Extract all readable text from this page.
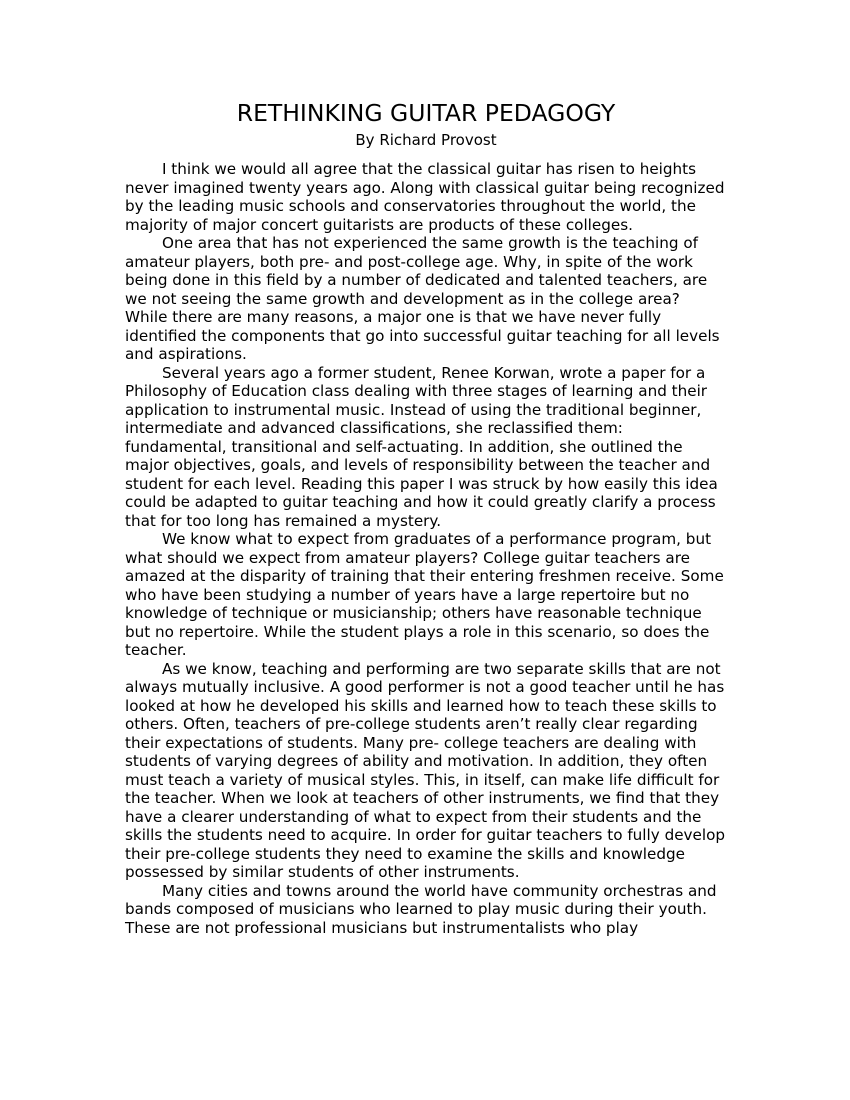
RETHINKING GUITAR PEDAGOGY
By Richard Provost

I think we would all agree that the classical guitar has risen to heights never imagined twenty years ago. Along with classical guitar being recognized by the leading music schools and conservatories throughout the world, the majority of major concert guitarists are products of these colleges.

One area that has not experienced the same growth is the teaching of amateur players, both pre- and post-college age. Why, in spite of the work being done in this field by a number of dedicated and talented teachers, are we not seeing the same growth and development as in the college area? While there are many reasons, a major one is that we have never fully identified the components that go into successful guitar teaching for all levels and aspirations.

Several years ago a former student, Renee Korwan, wrote a paper for a Philosophy of Education class dealing with three stages of learning and their application to instrumental music. Instead of using the traditional beginner, intermediate and advanced classifications, she reclassified them: fundamental, transitional and self-actuating. In addition, she outlined the major objectives, goals, and levels of responsibility between the teacher and student for each level. Reading this paper I was struck by how easily this idea could be adapted to guitar teaching and how it could greatly clarify a process that for too long has remained a mystery.

We know what to expect from graduates of a performance program, but what should we expect from amateur players? College guitar teachers are amazed at the disparity of training that their entering freshmen receive. Some who have been studying a number of years have a large repertoire but no knowledge of technique or musicianship; others have reasonable technique but no repertoire. While the student plays a role in this scenario, so does the teacher.

As we know, teaching and performing are two separate skills that are not always mutually inclusive. A good performer is not a good teacher until he has looked at how he developed his skills and learned how to teach these skills to others. Often, teachers of pre-college students aren’t really clear regarding their expectations of students. Many pre- college teachers are dealing with students of varying degrees of ability and motivation. In addition, they often must teach a variety of musical styles. This, in itself, can make life difficult for the teacher. When we look at teachers of other instruments, we find that they have a clearer understanding of what to expect from their students and the skills the students need to acquire. In order for guitar teachers to fully develop their pre-college students they need to examine the skills and knowledge possessed by similar students of other instruments.

Many cities and towns around the world have community orchestras and bands composed of musicians who learned to play music during their youth. These are not professional musicians but instrumentalists who play
